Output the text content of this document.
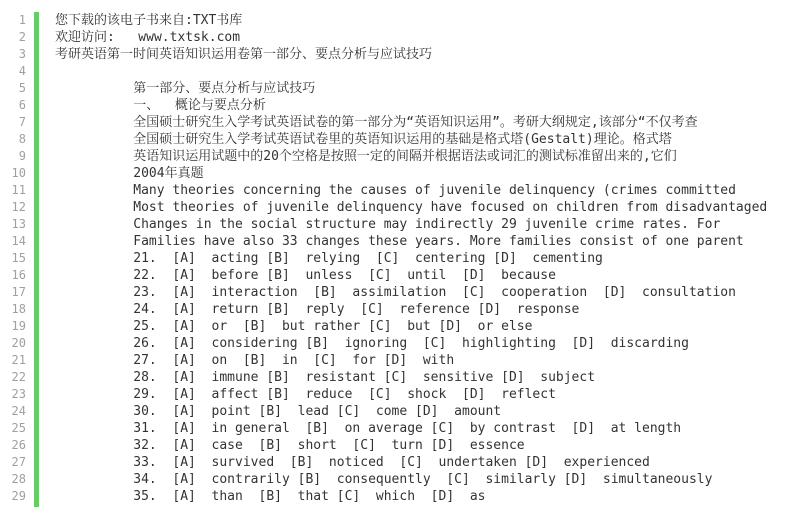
1 您下载的该电子书来自:TXT书库
2 欢迎访问:   www.txtsk.com
3 考研英语第一时间英语知识运用卷第一部分、要点分析与应试技巧
4
5 第一部分、要点分析与应试技巧
6 一、  概论与要点分析
7 全国硕士研究生入学考试英语试卷的第一部分为“英语知识运用”。考研大纲规定,该部分“不仅考查
8 全国硕士研究生入学考试英语试卷里的英语知识运用的基础是格式塔(Gestalt)理论。格式塔
9 英语知识运用试题中的20个空格是按照一定的间隔并根据语法或词汇的测试标准留出来的,它们
10 2004年真题
11 Many theories concerning the causes of juvenile delinquency (crimes committed
12 Most theories of juvenile delinquency have focused on children from disadvantaged
13 Changes in the social structure may indirectly 29 juvenile crime rates. For
14 Families have also 33 changes these years. More families consist of one parent
15 21.  [A]  acting [B]  relying  [C]  centering [D]  cementing
16 22.  [A]  before [B]  unless  [C]  until  [D]  because
17 23.  [A]  interaction  [B]  assimilation  [C]  cooperation  [D]  consultation
18 24.  [A]  return [B]  reply  [C]  reference [D]  response
19 25.  [A]  or  [B]  but rather [C]  but [D]  or else
20 26.  [A]  considering [B]  ignoring  [C]  highlighting  [D]  discarding
21 27.  [A]  on  [B]  in  [C]  for [D]  with
22 28.  [A]  immune [B]  resistant [C]  sensitive [D]  subject
23 29.  [A]  affect [B]  reduce  [C]  shock  [D]  reflect
24 30.  [A]  point [B]  lead [C]  come [D]  amount
25 31.  [A]  in general  [B]  on average [C]  by contrast  [D]  at length
26 32.  [A]  case  [B]  short  [C]  turn [D]  essence
27 33.  [A]  survived  [B]  noticed  [C]  undertaken [D]  experienced
28 34.  [A]  contrarily [B]  consequently  [C]  similarly [D]  simultaneously
29 35.  [A]  than  [B]  that [C]  which  [D]  as
